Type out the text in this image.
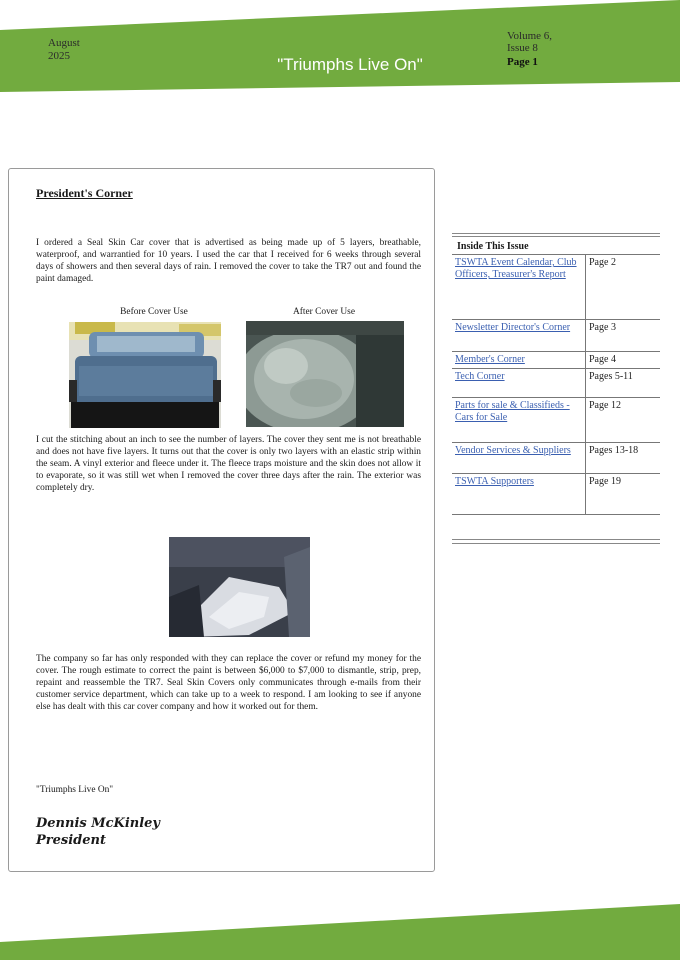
August
2025	"Triumphs Live On"
Volume 6,
Issue 8
Page 1
President's Corner
I ordered a Seal Skin Car cover that is advertised as being made up of 5 layers, breathable, waterproof, and warrantied for 10 years. I used the car that I received for 6 weeks through several days of showers and then several days of rain. I removed the cover to take the TR7 out and found the paint damaged.
Before Cover Use	After Cover Use
I cut the stitching about an inch to see the number of layers. The cover they sent me is not breathable and does not have five layers. It turns out that the cover is only two layers with an elastic strip within the seam. A vinyl exterior and fleece under it. The fleece traps moisture and the skin does not allow it to evaporate, so it was still wet when I removed the cover three days after the rain. The exterior was completely dry.
The company so far has only responded with they can replace the cover or refund my money for the cover. The rough estimate to correct the paint is between $6,000 to $7,000 to dismantle, strip, prep, repaint and reassemble the TR7. Seal Skin Covers only communicates through e-mails from their customer service department, which can take up to a week to respond. I am looking to see if anyone else has dealt with this car cover company and how it worked out for them.
"Triumphs Live On"
Dennis McKinley
President
Inside This Issue
TSWTA Event Calendar, Club Officers, Treasurer's Report	Page 2
Newsletter Director's Corner	Page 3
Member's Corner	Page 4
Tech Corner	Pages 5-11
Parts for sale & Classifieds - Cars for Sale	Page 12
Vendor Services & Suppliers	Pages 13-18
TSWTA Supporters	Page 19
